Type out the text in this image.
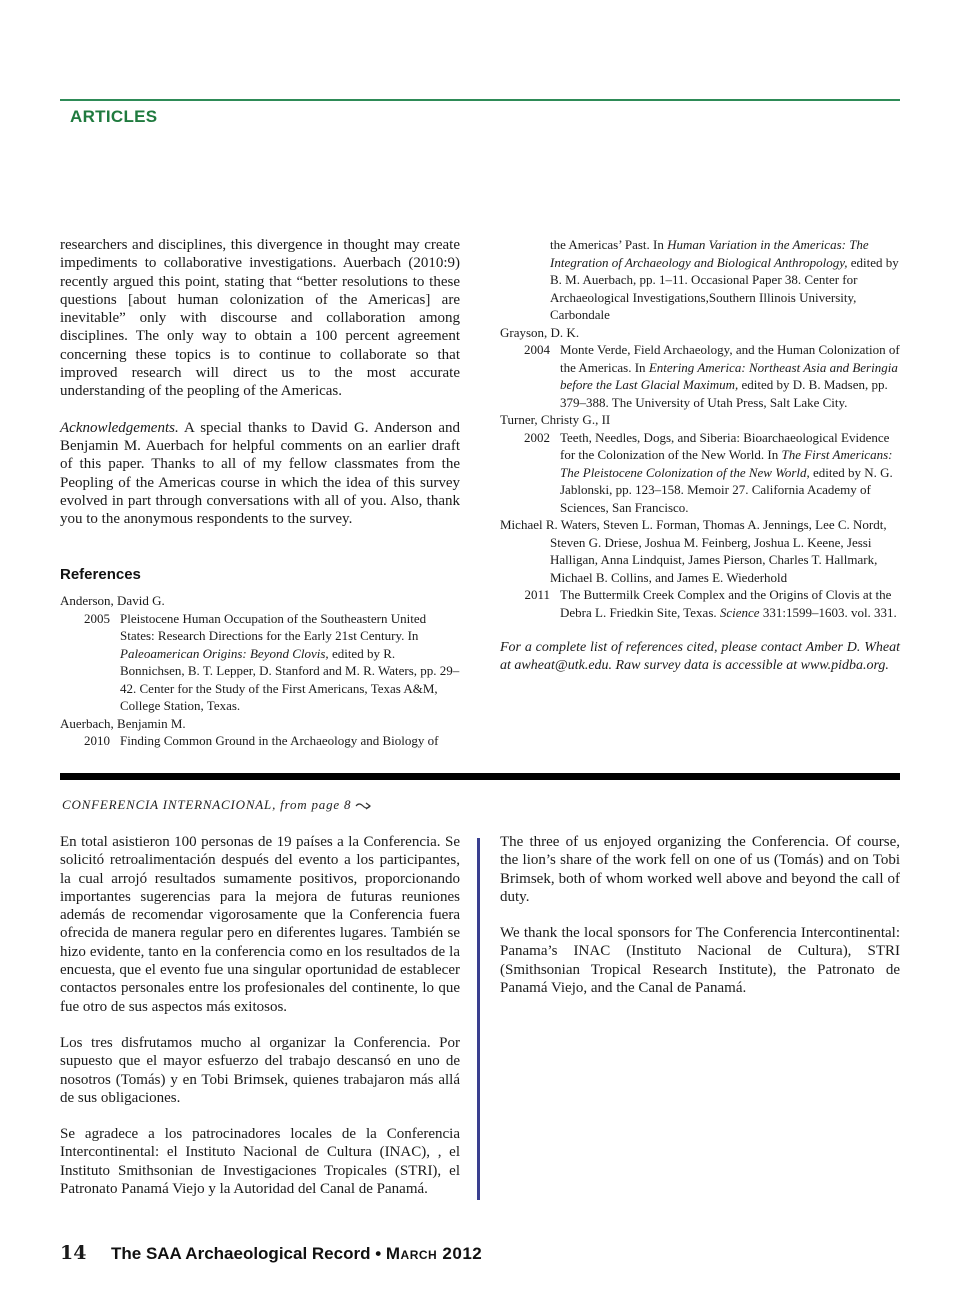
ARTICLES

researchers and disciplines, this divergence in thought may create impediments to collaborative investigations. Auerbach (2010:9) recently argued this point, stating that “better resolutions to these questions [about human colonization of the Americas] are inevitable” only with discourse and collaboration among disciplines. The only way to obtain a 100 percent agreement concerning these topics is to continue to collaborate so that improved research will direct us to the most accurate understanding of the peopling of the Americas.

Acknowledgements. A special thanks to David G. Anderson and Benjamin M. Auerbach for helpful comments on an earlier draft of this paper. Thanks to all of my fellow classmates from the Peopling of the Americas course in which the idea of this survey evolved in part through conversations with all of you. Also, thank you to the anonymous respondents to the survey.

References

Anderson, David G.

2005 Pleistocene Human Occupation of the Southeastern United States: Research Directions for the Early 21st Century. In Paleoamerican Origins: Beyond Clovis, edited by R. Bonnichsen, B. T. Lepper, D. Stanford and M. R. Waters, pp. 29–42. Center for the Study of the First Americans, Texas A&M, College Station, Texas.

Auerbach, Benjamin M.

2010 Finding Common Ground in the Archaeology and Biology of
the Americas’ Past. In Human Variation in the Americas: The Integration of Archaeology and Biological Anthropology, edited by B. M. Auerbach, pp. 1–11. Occasional Paper 38. Center for Archaeological Investigations,Southern Illinois University, Carbondale

Grayson, D. K.

2004 Monte Verde, Field Archaeology, and the Human Colonization of the Americas. In Entering America: Northeast Asia and Beringia before the Last Glacial Maximum, edited by D. B. Madsen, pp. 379–388. The University of Utah Press, Salt Lake City.

Turner, Christy G., II

2002 Teeth, Needles, Dogs, and Siberia: Bioarchaeological Evidence for the Colonization of the New World. In The First Americans: The Pleistocene Colonization of the New World, edited by N. G. Jablonski, pp. 123–158. Memoir 27. California Academy of Sciences, San Francisco.
Michael R. Waters, Steven L. Forman, Thomas A. Jennings, Lee C. Nordt, Steven G. Driese, Joshua M. Feinberg, Joshua L. Keene, Jessi Halligan, Anna Lindquist, James Pierson, Charles T. Hallmark, Michael B. Collins, and James E. Wiederhold
2011 The Buttermilk Creek Complex and the Origins of Clovis at the Debra L. Friedkin Site, Texas. Science 331:1599–1603. vol. 331.

For a complete list of references cited, please contact Amber D. Wheat at awheat@utk.edu. Raw survey data is accessible at www.pidba.org.

CONFERENCIA INTERNACIONAL, from page 8

En total asistieron 100 personas de 19 países a la Conferencia. Se solicitó retroalimentación después del evento a los participantes, la cual arrojó resultados sumamente positivos, proporcionando importantes sugerencias para la mejora de futuras reuniones además de recomendar vigorosamente que la Conferencia fuera ofrecida de manera regular pero en diferentes lugares. También se hizo evidente, tanto en la conferencia como en los resultados de la encuesta, que el evento fue una singular oportunidad de establecer contactos personales entre los profesionales del continente, lo que fue otro de sus aspectos más exitosos.

Los tres disfrutamos mucho al organizar la Conferencia. Por supuesto que el mayor esfuerzo del trabajo descansó en uno de nosotros (Tomás) y en Tobi Brimsek, quienes trabajaron más allá de sus obligaciones.

Se agradece a los patrocinadores locales de la Conferencia Intercontinental: el Instituto Nacional de Cultura (INAC), , el Instituto Smithsonian de Investigaciones Tropicales (STRI), el Patronato Panamá Viejo y la Autoridad del Canal de Panamá.

The three of us enjoyed organizing the Conferencia. Of course, the lion’s share of the work fell on one of us (Tomás) and on Tobi Brimsek, both of whom worked well above and beyond the call of duty.

We thank the local sponsors for The Conferencia Intercontinental: Panama’s INAC (Instituto Nacional de Cultura), STRI (Smithsonian Tropical Research Institute), the Patronato de Panamá Viejo, and the Canal de Panamá.

14 The SAA Archaeological Record • March 2012
